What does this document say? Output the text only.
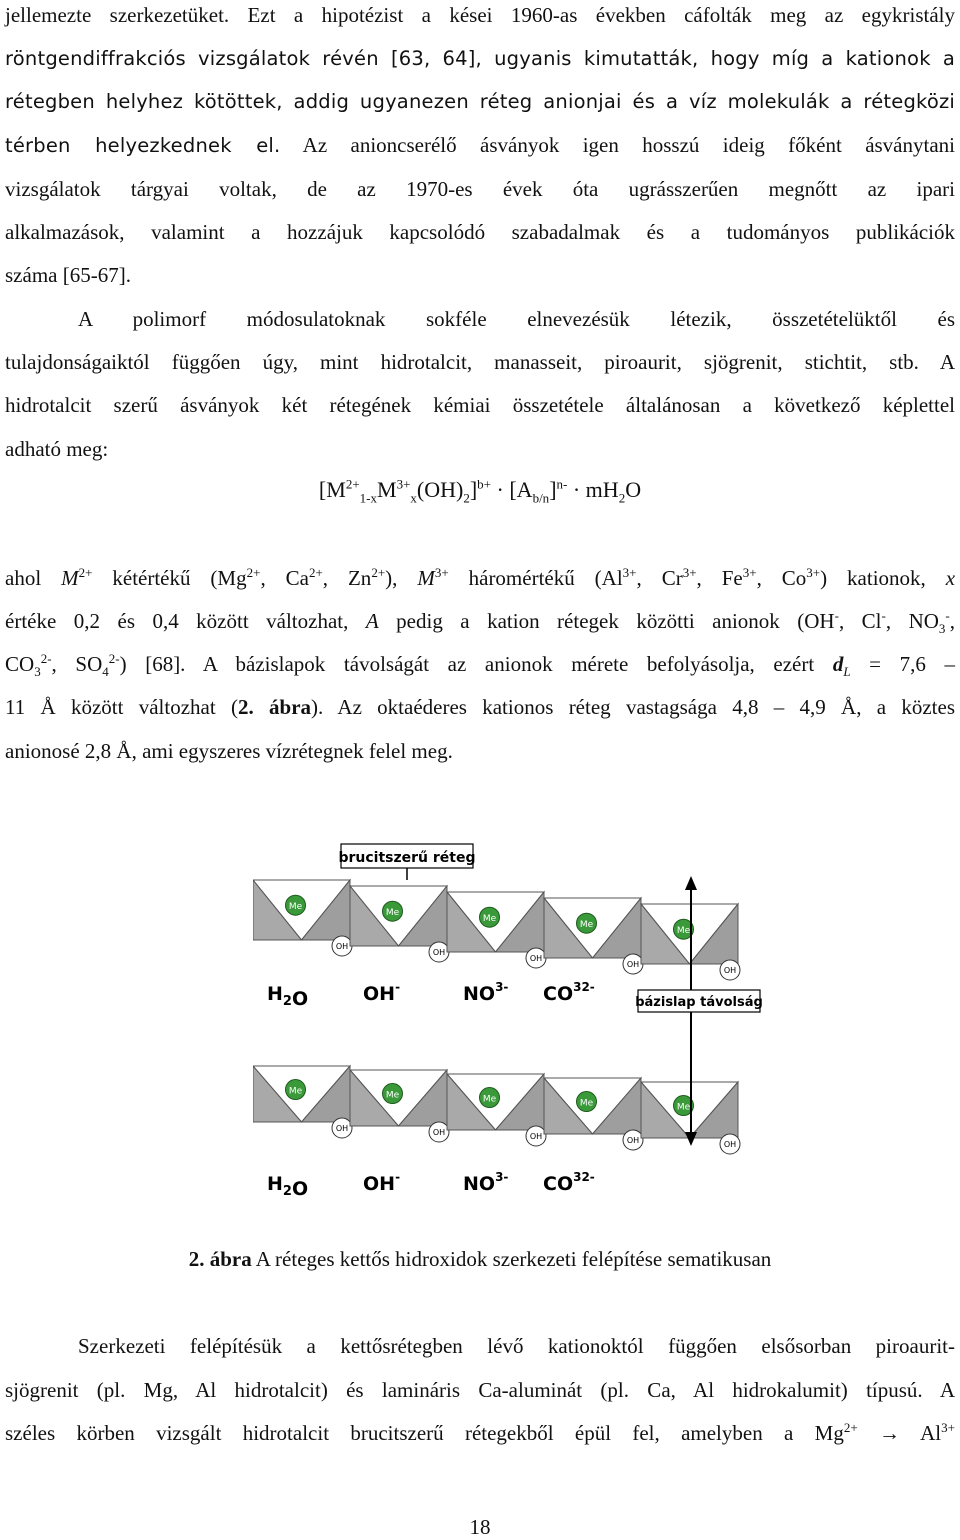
jellemezte szerkezetüket. Ezt a hipotézist a kései 1960-as években cáfolták meg az egykristály
röntgendiffrakciós vizsgálatok révén [63, 64], ugyanis kimutatták, hogy míg a kationok a
rétegben helyhez kötöttek, addig ugyanezen réteg anionjai és a víz molekulák a rétegközi
térben helyezkednek el. Az anioncserélő ásványok igen hosszú ideig főként ásványtani
vizsgálatok tárgyai voltak, de az 1970-es évek óta ugrásszerűen megnőtt az ipari
alkalmazások, valamint a hozzájuk kapcsolódó szabadalmak és a tudományos publikációk
száma [65-67].
A polimorf módosulatoknak sokféle elnevezésük létezik, összetételüktől és
tulajdonságaiktól függően úgy, mint hidrotalcit, manasseit, piroaurit, sjögrenit, stichtit, stb. A
hidrotalcit szerű ásványok két rétegének kémiai összetétele általánosan a következő képlettel
adható meg:
$[M^{2+}_{1-x}M^{3+}_x(OH)_2]^{b+} \cdot [A_{b/n}]^{n-} \cdot mH_2O$
ahol $M^{2+}$ kétértékű ($Mg^{2+}$, $Ca^{2+}$, $Zn^{2+}$), $M^{3+}$ háromértékű ($Al^{3+}$, $Cr^{3+}$, $Fe^{3+}$, $Co^{3+}$) kationok, x
értéke 0,2 és 0,4 között változhat, A pedig a kation rétegek közötti anionok (OH-, Cl-, $NO_3^-$,
$CO_3^{2-}$, $SO_4^{2-}$) [68]. A bázislapok távolságát az anionok mérete befolyásolja, ezért $d_L = 7,6$ –
11 Å között változhat (2. ábra). Az oktaéderes kationos réteg vastagsága 4,8 – 4,9 Å, a köztes
anionosé 2,8 Å, ami egyszeres vízrétegnek felel meg.
Me
OH
Me
OH
Me
OH
Me
OH
Me
OH
Me
OH
Me
OH
Me
OH
Me
OH
Me
OH
brucitszerű réteg
bázislap távolság
$H_2O$	OH-	$NO^{3-}$ $CO^{32-}$
$H_2O$	OH-	$NO^{3-}$ $CO^{32-}$
2. ábra A réteges kettős hidroxidok szerkezeti felépítése sematikusan
Szerkezeti felépítésük a kettősrétegben lévő kationoktól függően elsősorban piroaurit-
sjögrenit (pl. Mg, Al hidrotalcit) és lamináris Ca-aluminát (pl. Ca, Al hidrokalumit) típusú. A
széles körben vizsgált hidrotalcit brucitszerű rétegekből épül fel, amelyben a $Mg^{2+} \to Al^{3+}$
18
